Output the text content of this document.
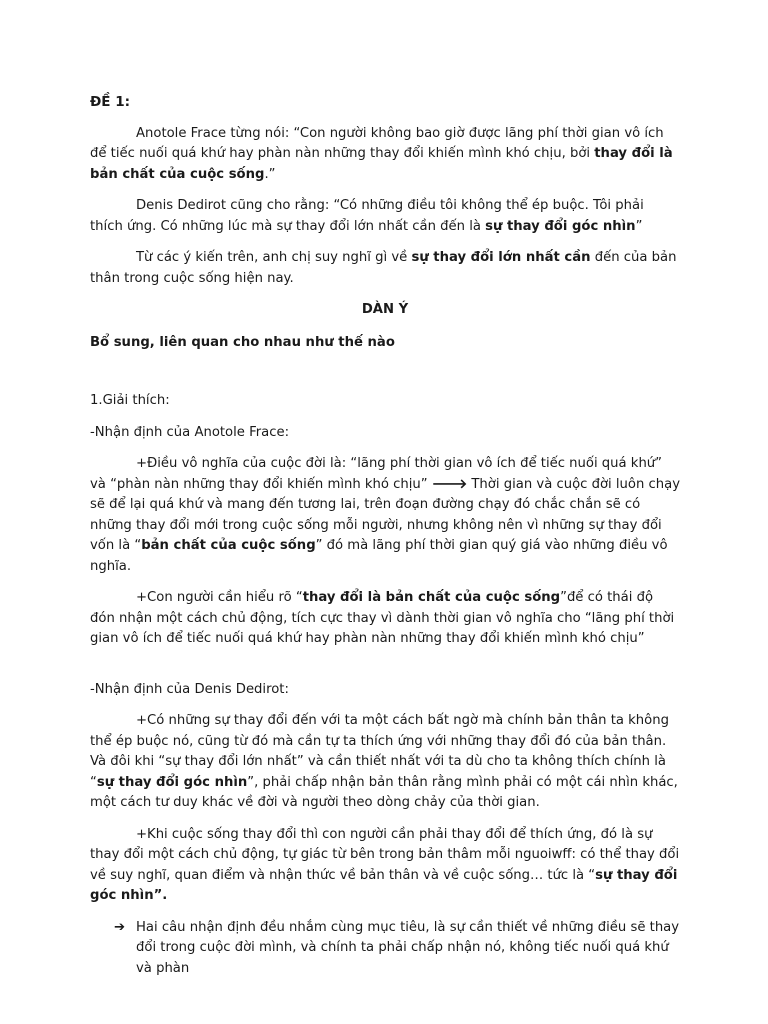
ĐỀ 1:

Anotole Frace từng nói: “Con người không bao giờ được lãng phí thời gian vô ích để tiếc nuối quá khứ hay phàn nàn những thay đổi khiến mình khó chịu, bởi thay đổi là bản chất của cuộc sống.”

Denis Dedirot cũng cho rằng: “Có những điều tôi không thể ép buộc. Tôi phải thích ứng. Có những lúc mà sự thay đổi lớn nhất cần đến là sự thay đổi góc nhìn”

Từ các ý kiến trên, anh chị suy nghĩ gì về sự thay đổi lớn nhất cần đến của bản thân trong cuộc sống hiện nay.

DÀN Ý

Bổ sung, liên quan cho nhau như thế nào

1.Giải thích:

-Nhận định của Anotole Frace:

+Điều vô nghĩa của cuộc đời là: “lãng phí thời gian vô ích để tiếc nuối quá khứ” và “phàn nàn những thay đổi khiến mình khó chịu” 🡒 Thời gian và cuộc đời luôn chạy sẽ để lại quá khứ và mang đến tương lai, trên đoạn đường chạy đó chắc chắn sẽ có những thay đổi mới trong cuộc sống mỗi người, nhưng không nên vì những sự thay đổi vốn là “bản chất của cuộc sống” đó mà lãng phí thời gian quý giá vào những điều vô nghĩa.

+Con người cần hiểu rõ “thay đổi là bản chất của cuộc sống”để có thái độ đón nhận một cách chủ động, tích cực thay vì dành thời gian vô nghĩa cho “lãng phí thời gian vô ích để tiếc nuối quá khứ hay phàn nàn những thay đổi khiến mình khó chịu”

-Nhận định của Denis Dedirot:

+Có những sự thay đổi đến với ta một cách bất ngờ mà chính bản thân ta không thể ép buộc nó, cũng từ đó mà cần tự ta thích ứng với những thay đổi đó của bản thân. Và đôi khi “sự thay đổi lớn nhất” và cần thiết nhất với ta dù cho ta không thích chính là “sự thay đổi góc nhìn”, phải chấp nhận bản thân rằng mình phải có một cái nhìn khác, một cách tư duy khác về đời và người theo dòng chảy của thời gian.

+Khi cuộc sống thay đổi thì con người cần phải thay đổi để thích ứng, đó là sự thay đổi một cách chủ động, tự giác từ bên trong bản thâm mỗi nguoiwff: có thể thay đổi về suy nghĩ, quan điểm và nhận thức về bản thân và về cuộc sống… tức là “sự thay đổi góc nhìn”.

➔ Hai câu nhận định đều nhắm cùng mục tiêu, là sự cần thiết về những điều sẽ thay đổi trong cuộc đời mình, và chính ta phải chấp nhận nó, không tiếc nuối quá khứ và phàn
